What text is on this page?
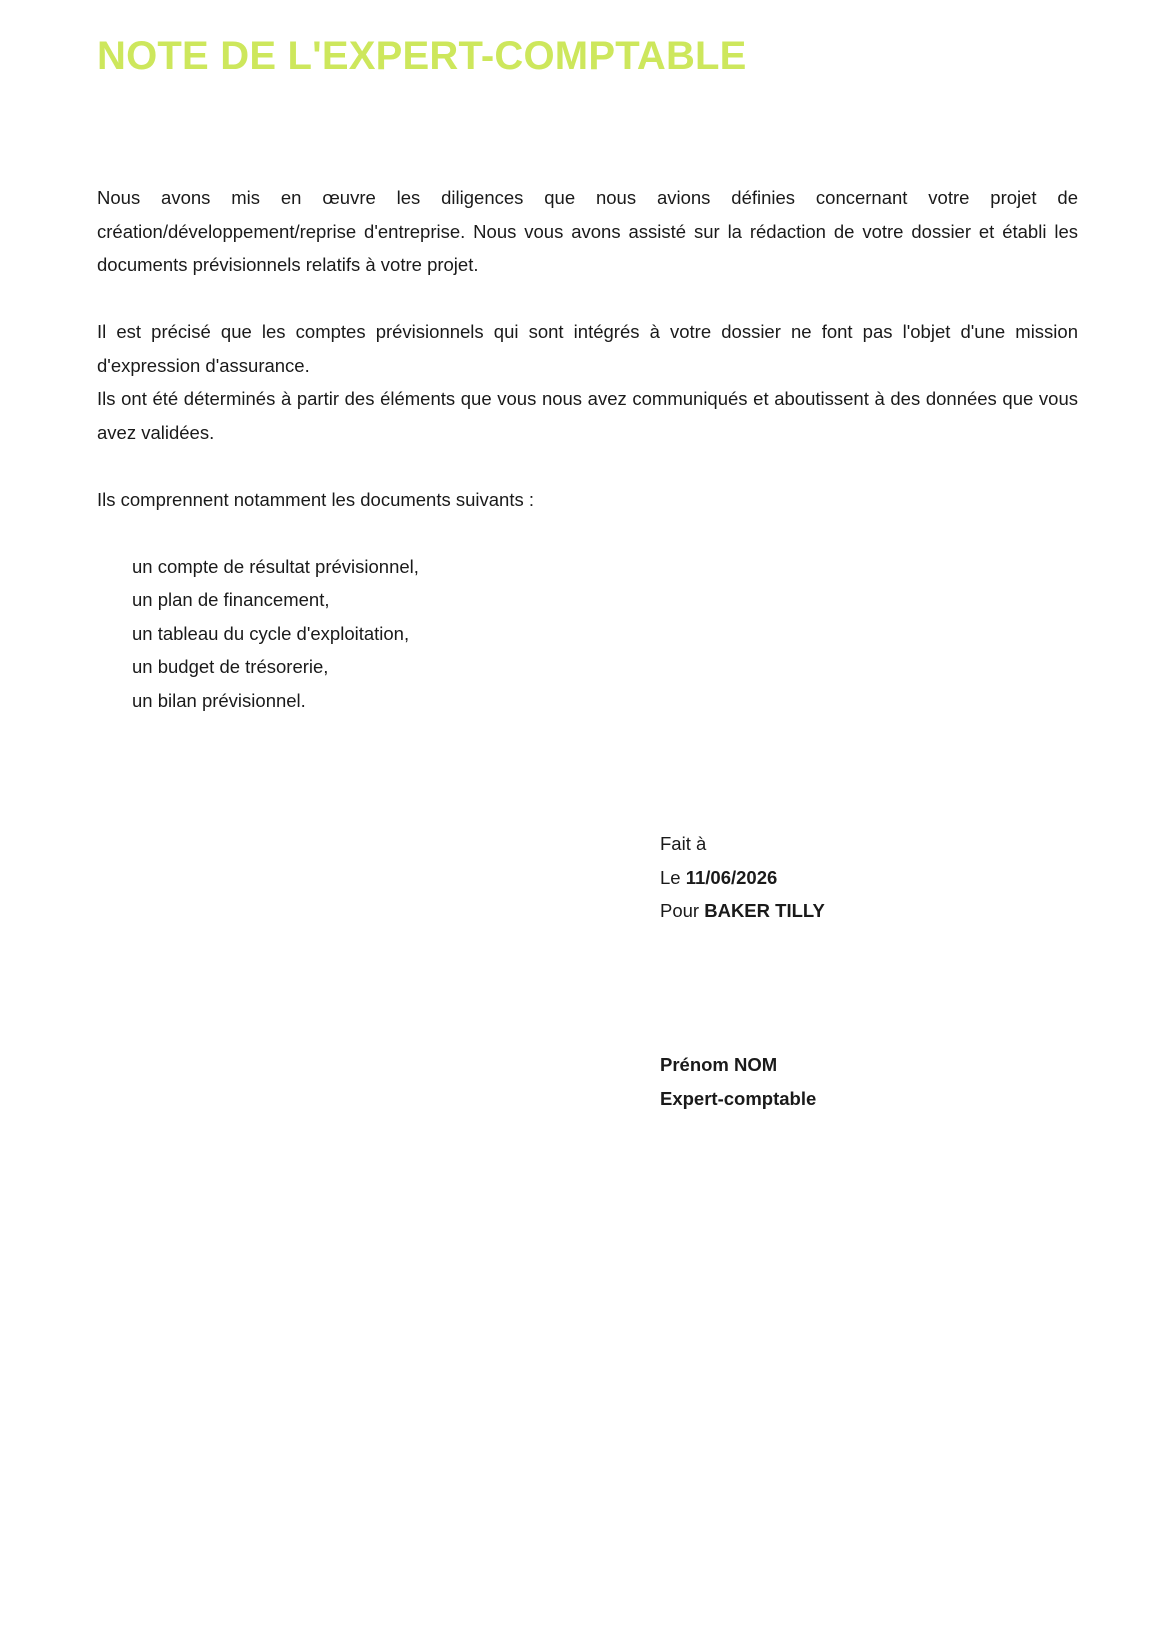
NOTE DE L'EXPERT-COMPTABLE

Nous avons mis en œuvre les diligences que nous avions définies concernant votre projet de création/développement/reprise d'entreprise. Nous vous avons assisté sur la rédaction de votre dossier et établi les documents prévisionnels relatifs à votre projet.

Il est précisé que les comptes prévisionnels qui sont intégrés à votre dossier ne font pas l'objet d'une mission d'expression d'assurance.

Ils ont été déterminés à partir des éléments que vous nous avez communiqués et aboutissent à des données que vous avez validées.

Ils comprennent notamment les documents suivants :

un compte de résultat prévisionnel,
un plan de financement,
un tableau du cycle d'exploitation,
un budget de trésorerie,
un bilan prévisionnel.
Fait à
Le 11/06/2026
Pour BAKER TILLY
Prénom NOM
Expert-comptable
